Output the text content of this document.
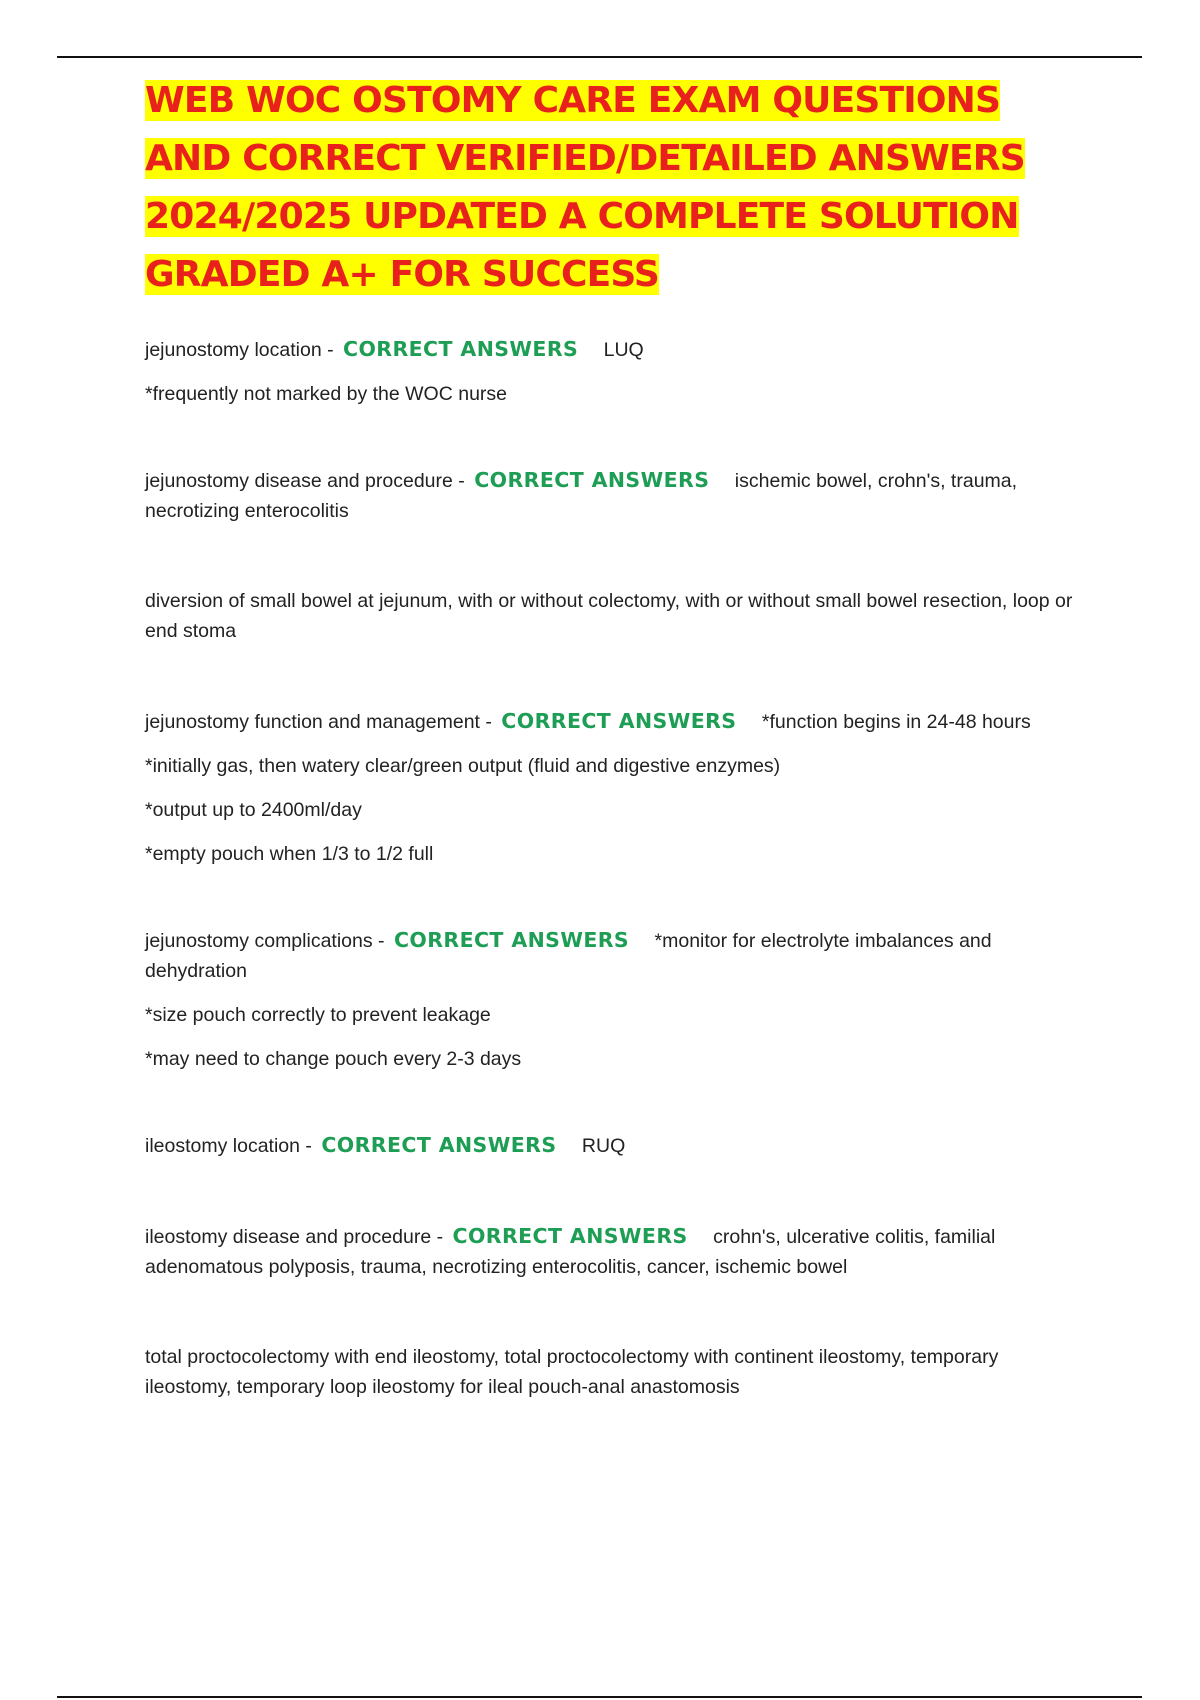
WEB WOC OSTOMY CARE EXAM QUESTIONS AND CORRECT VERIFIED/DETAILED ANSWERS 2024/2025 UPDATED A COMPLETE SOLUTION GRADED A+ FOR SUCCESS

jejunostomy location - CORRECT ANSWERS LUQ

*frequently not marked by the WOC nurse

jejunostomy disease and procedure - CORRECT ANSWERS ischemic bowel, crohn's, trauma, necrotizing enterocolitis

diversion of small bowel at jejunum, with or without colectomy, with or without small bowel resection, loop or end stoma

jejunostomy function and management - CORRECT ANSWERS *function begins in 24-48 hours

*initially gas, then watery clear/green output (fluid and digestive enzymes)

*output up to 2400ml/day

*empty pouch when 1/3 to 1/2 full

jejunostomy complications - CORRECT ANSWERS *monitor for electrolyte imbalances and dehydration

*size pouch correctly to prevent leakage

*may need to change pouch every 2-3 days

ileostomy location - CORRECT ANSWERS RUQ

ileostomy disease and procedure - CORRECT ANSWERS crohn's, ulcerative colitis, familial adenomatous polyposis, trauma, necrotizing enterocolitis, cancer, ischemic bowel

total proctocolectomy with end ileostomy, total proctocolectomy with continent ileostomy, temporary ileostomy, temporary loop ileostomy for ileal pouch-anal anastomosis
